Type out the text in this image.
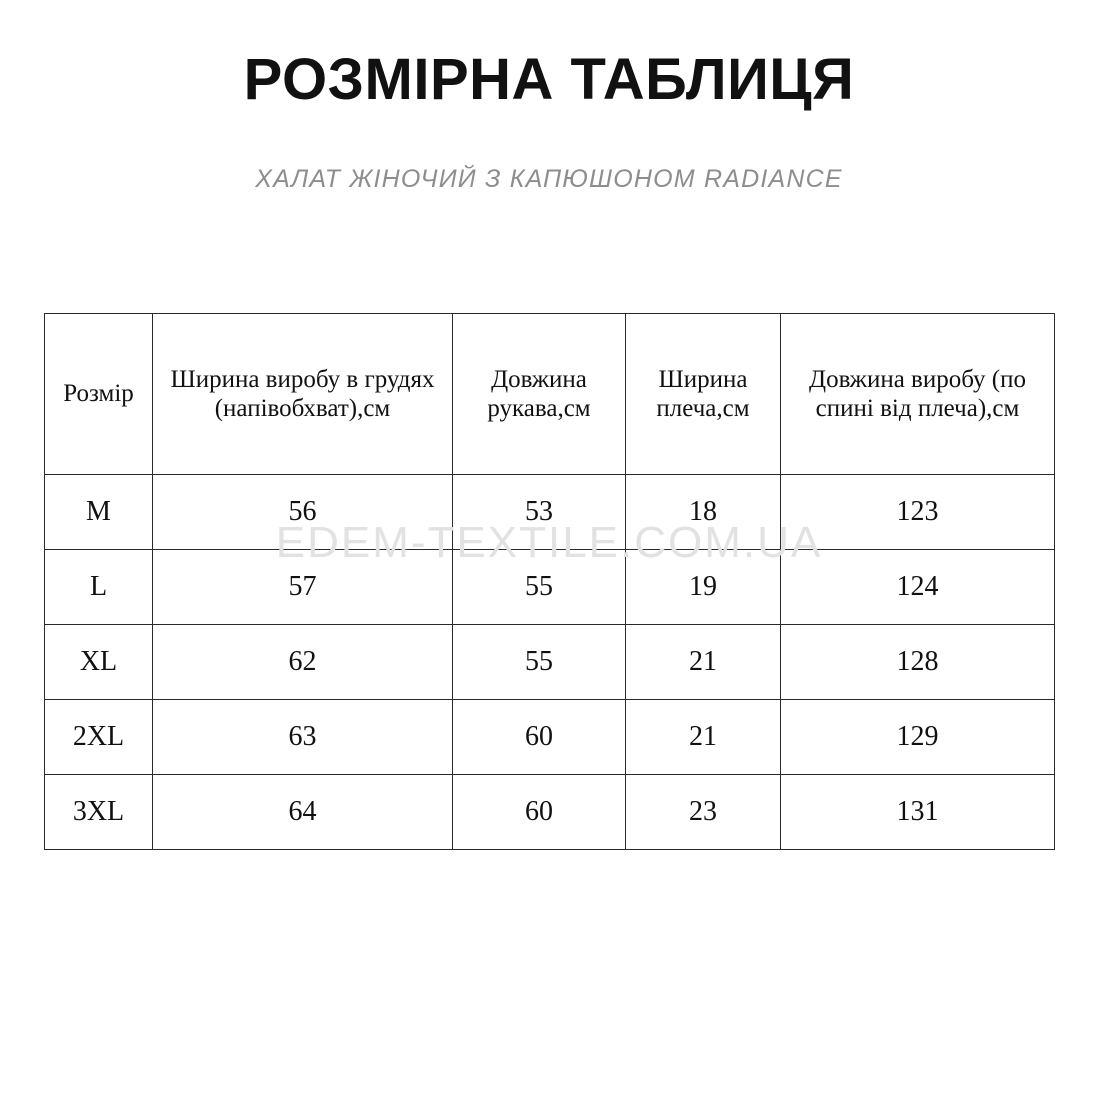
РОЗМІРНА ТАБЛИЦЯ

ХАЛАТ ЖІНОЧИЙ З КАПЮШОНОМ RADIANCE

Розмір	Ширина виробу в грудях (напівобхват),см	Довжина рукава,см	Ширина плеча,см	Довжина виробу (по спині від плеча),см
M	56	53	18	123
L	57	55	19	124
XL	62	55	21	128
2XL	63	60	21	129
3XL	64	60	23	131
EDEM-TEXTILE.COM.UA
